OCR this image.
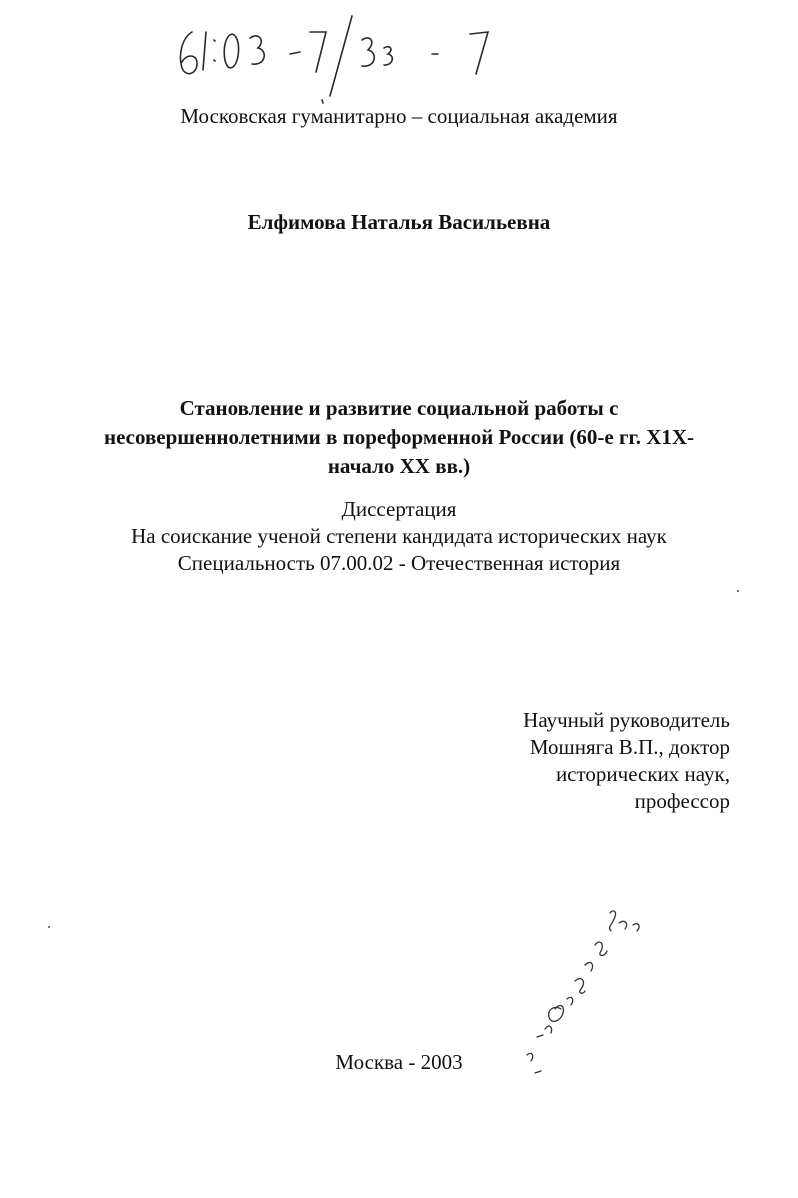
Московская гуманитарно – социальная академия
Елфимова Наталья Васильевна
Становление и развитие социальной работы с
несовершеннолетними в пореформенной России (60-е гг. Х1Х-
начало XX вв.)
Диссертация
На соискание ученой степени кандидата исторических наук
Специальность 07.00.02 - Отечественная история
Научный руководитель
Мошняга В.П., доктор
исторических наук,
профессор
Москва - 2003
